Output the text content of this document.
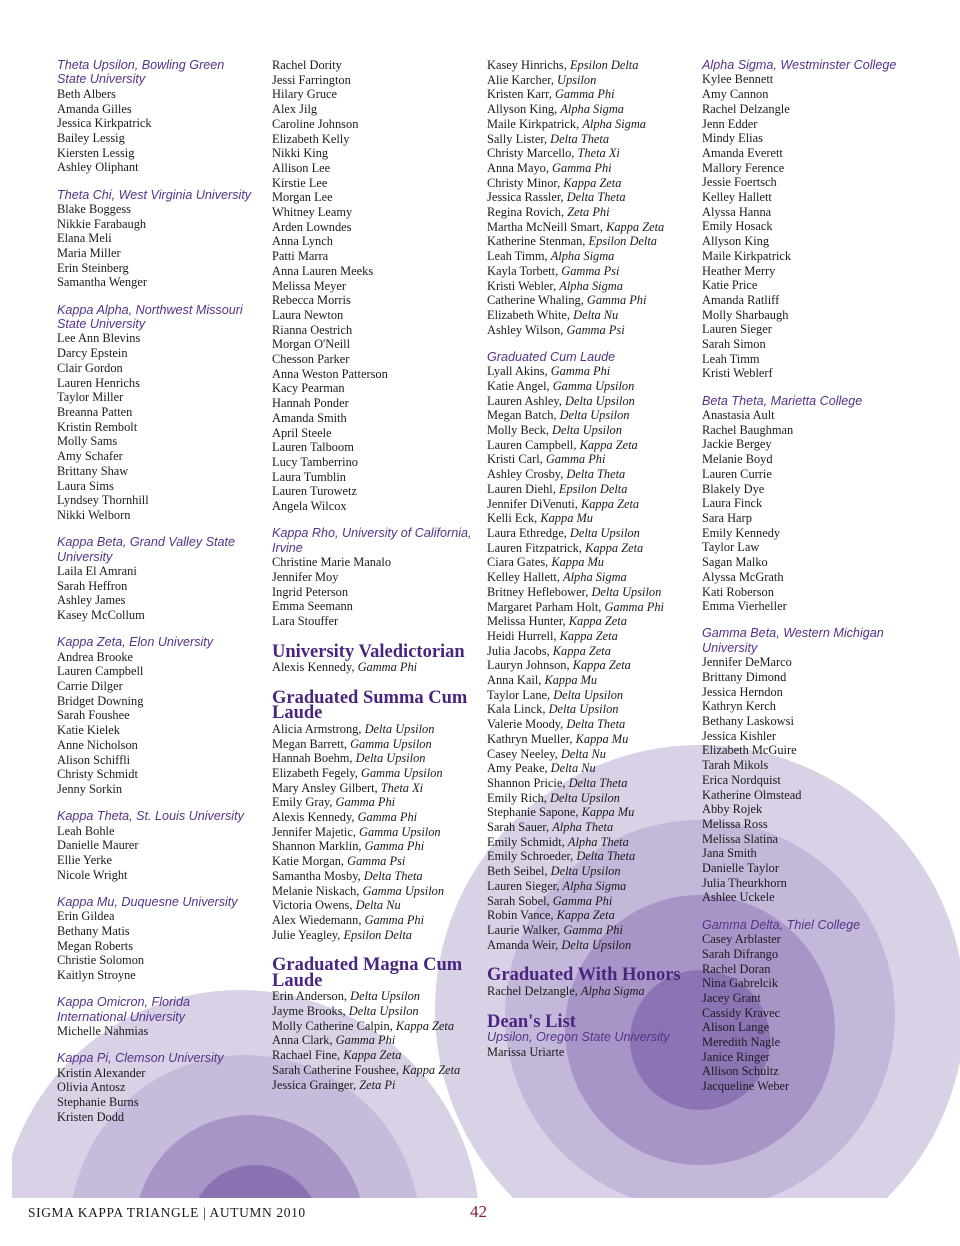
Theta Upsilon, Bowling Green State University
Beth Albers
Amanda Gilles
Jessica Kirkpatrick
Bailey Lessig
Kiersten Lessig
Ashley Oliphant
Theta Chi, West Virginia University
Blake Boggess
Nikkie Farabaugh
Elana Meli
Maria Miller
Erin Steinberg
Samantha Wenger
Kappa Alpha, Northwest Missouri State University
Lee Ann Blevins
Darcy Epstein
Clair Gordon
Lauren Henrichs
Taylor Miller
Breanna Patten
Kristin Rembolt
Molly Sams
Amy Schafer
Brittany Shaw
Laura Sims
Lyndsey Thornhill
Nikki Welborn
Kappa Beta, Grand Valley State University
Laila El Amrani
Sarah Heffron
Ashley James
Kasey McCollum
Kappa Zeta, Elon University
Andrea Brooke
Lauren Campbell
Carrie Dilger
Bridget Downing
Sarah Foushee
Katie Kielek
Anne Nicholson
Alison Schiffli
Christy Schmidt
Jenny Sorkin
Kappa Theta, St. Louis University
Leah Bohle
Danielle Maurer
Ellie Yerke
Nicole Wright
Kappa Mu, Duquesne University
Erin Gildea
Bethany Matis
Megan Roberts
Christie Solomon
Kaitlyn Stroyne
Kappa Omicron, Florida International University
Michelle Nahmias
Kappa Pi, Clemson University
Kristin Alexander
Olivia Antosz
Stephanie Burns
Kristen Dodd
Rachel Dority
Jessi Farrington
Hilary Gruce
Alex Jilg
Caroline Johnson
Elizabeth Kelly
Nikki King
Allison Lee
Kirstie Lee
Morgan Lee
Whitney Leamy
Arden Lowndes
Anna Lynch
Patti Marra
Anna Lauren Meeks
Melissa Meyer
Rebecca Morris
Laura Newton
Rianna Oestrich
Morgan O'Neill
Chesson Parker
Anna Weston Patterson
Kacy Pearman
Hannah Ponder
Amanda Smith
April Steele
Lauren Talboom
Lucy Tamberrino
Laura Tumblin
Lauren Turowetz
Angela Wilcox
Kappa Rho, University of California, Irvine
Christine Marie Manalo
Jennifer Moy
Ingrid Peterson
Emma Seemann
Lara Stouffer
University Valedictorian
Alexis Kennedy, Gamma Phi
Graduated Summa Cum Laude
Alicia Armstrong, Delta Upsilon
Megan Barrett, Gamma Upsilon
Hannah Boehm, Delta Upsilon
Elizabeth Fegely, Gamma Upsilon
Mary Ansley Gilbert, Theta Xi
Emily Gray, Gamma Phi
Alexis Kennedy, Gamma Phi
Jennifer Majetic, Gamma Upsilon
Shannon Marklin, Gamma Phi
Katie Morgan, Gamma Psi
Samantha Mosby, Delta Theta
Melanie Niskach, Gamma Upsilon
Victoria Owens, Delta Nu
Alex Wiedemann, Gamma Phi
Julie Yeagley, Epsilon Delta
Graduated Magna Cum Laude
Erin Anderson, Delta Upsilon
Jayme Brooks, Delta Upsilon
Molly Catherine Calpin, Kappa Zeta
Anna Clark, Gamma Phi
Rachael Fine, Kappa Zeta
Sarah Catherine Foushee, Kappa Zeta
Jessica Grainger, Zeta Pi
Kasey Hinrichs, Epsilon Delta
Alie Karcher, Upsilon
Kristen Karr, Gamma Phi
Allyson King, Alpha Sigma
Maile Kirkpatrick, Alpha Sigma
Sally Lister, Delta Theta
Christy Marcello, Theta Xi
Anna Mayo, Gamma Phi
Christy Minor, Kappa Zeta
Jessica Rassler, Delta Theta
Regina Rovich, Zeta Phi
Martha McNeill Smart, Kappa Zeta
Katherine Stenman, Epsilon Delta
Leah Timm, Alpha Sigma
Kayla Torbett, Gamma Psi
Kristi Webler, Alpha Sigma
Catherine Whaling, Gamma Phi
Elizabeth White, Delta Nu
Ashley Wilson, Gamma Psi
Graduated Cum Laude
Lyall Akins, Gamma Phi
Katie Angel, Gamma Upsilon
Lauren Ashley, Delta Upsilon
Megan Batch, Delta Upsilon
Molly Beck, Delta Upsilon
Lauren Campbell, Kappa Zeta
Kristi Carl, Gamma Phi
Ashley Crosby, Delta Theta
Lauren Diehl, Epsilon Delta
Jennifer DiVenuti, Kappa Zeta
Kelli Eck, Kappa Mu
Laura Ethredge, Delta Upsilon
Lauren Fitzpatrick, Kappa Zeta
Ciara Gates, Kappa Mu
Kelley Hallett, Alpha Sigma
Britney Heflebower, Delta Upsilon
Margaret Parham Holt, Gamma Phi
Melissa Hunter, Kappa Zeta
Heidi Hurrell, Kappa Zeta
Julia Jacobs, Kappa Zeta
Lauryn Johnson, Kappa Zeta
Anna Kail, Kappa Mu
Taylor Lane, Delta Upsilon
Kala Linck, Delta Upsilon
Valerie Moody, Delta Theta
Kathryn Mueller, Kappa Mu
Casey Neeley, Delta Nu
Amy Peake, Delta Nu
Shannon Pricie, Delta Theta
Emily Rich, Delta Upsilon
Stephanie Sapone, Kappa Mu
Sarah Sauer, Alpha Theta
Emily Schmidt, Alpha Theta
Emily Schroeder, Delta Theta
Beth Seibel, Delta Upsilon
Lauren Sieger, Alpha Sigma
Sarah Sobel, Gamma Phi
Robin Vance, Kappa Zeta
Laurie Walker, Gamma Phi
Amanda Weir, Delta Upsilon
Graduated With Honors
Rachel Delzangle, Alpha Sigma
Dean's List
Upsilon, Oregon State University
Marissa Uriarte
Alpha Sigma, Westminster College
Kylee Bennett
Amy Cannon
Rachel Delzangle
Jenn Edder
Mindy Elias
Amanda Everett
Mallory Ference
Jessie Foertsch
Kelley Hallett
Alyssa Hanna
Emily Hosack
Allyson King
Maile Kirkpatrick
Heather Merry
Katie Price
Amanda Ratliff
Molly Sharbaugh
Lauren Sieger
Sarah Simon
Leah Timm
Kristi Weblerf
Beta Theta, Marietta College
Anastasia Ault
Rachel Baughman
Jackie Bergey
Melanie Boyd
Lauren Currie
Blakely Dye
Laura Finck
Sara Harp
Emily Kennedy
Taylor Law
Sagan Malko
Alyssa McGrath
Kati Roberson
Emma Vierheller
Gamma Beta, Western Michigan University
Jennifer DeMarco
Brittany Dimond
Jessica Herndon
Kathryn Kerch
Bethany Laskowsi
Jessica Kishler
Elizabeth McGuire
Tarah Mikols
Erica Nordquist
Katherine Olmstead
Abby Rojek
Melissa Ross
Melissa Slatina
Jana Smith
Danielle Taylor
Julia Theurkhorn
Ashlee Uckele
Gamma Delta, Thiel College
Casey Arblaster
Sarah Difrango
Rachel Doran
Nina Gabrelcik
Jacey Grant
Cassidy Kravec
Alison Lange
Meredith Nagle
Janice Ringer
Allison Schultz
Jacqueline Weber
SIGMA KAPPA TRIANGLE | AUTUMN 2010	42
